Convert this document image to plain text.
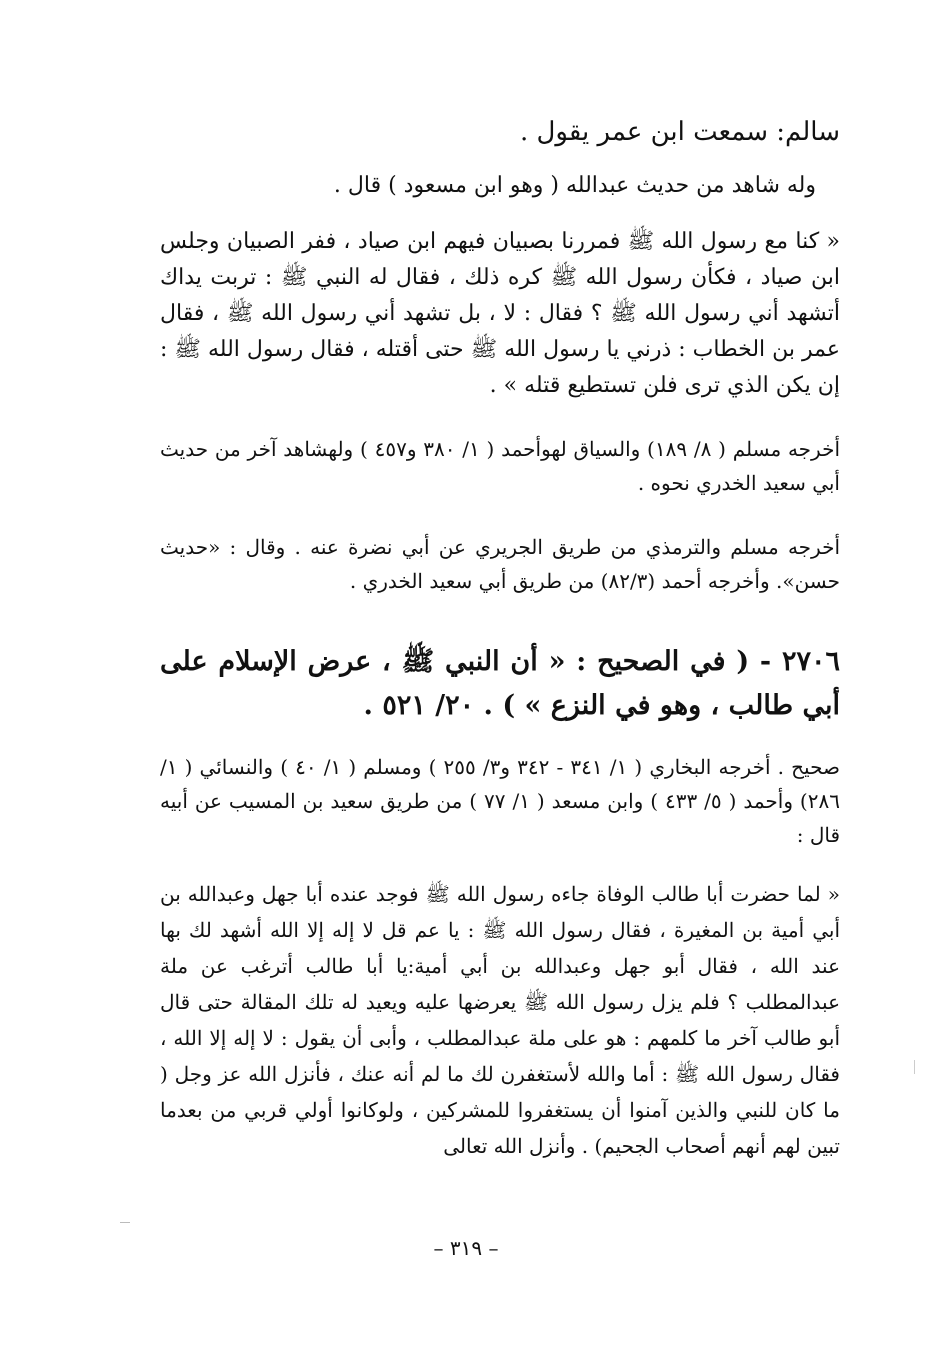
سالم: سمعت ابن عمر يقول .

وله شاهد من حديث عبدالله ( وهو ابن مسعود ) قال .

« كنا مع رسول الله ﷺ فمررنا بصبيان فيهم ابن صياد ، ففر الصبيان وجلس ابن صياد ، فكأن رسول الله ﷺ كره ذلك ، فقال له النبي ﷺ : تربت يداك أتشهد أني رسول الله ﷺ ؟ فقال : لا ، بل تشهد أني رسول الله ﷺ ، فقال عمر بن الخطاب : ذرني يا رسول الله ﷺ حتى أقتله ، فقال رسول الله ﷺ : إن يكن الذي ترى فلن تستطيع قتله » .

أخرجه مسلم ( ٨/ ١٨٩) والسياق لهوأحمد ( ١/ ٣٨٠ و٤٥٧ ) ولهشاهد آخر من حديث أبي سعيد الخدري نحوه .

أخرجه مسلم والترمذي من طريق الجريري عن أبي نضرة عنه . وقال : «حديث حسن». وأخرجه أحمد (٨٢/٣) من طريق أبي سعيد الخدري .

٢٧٠٦ - ( في الصحيح : « أن النبي ﷺ ، عرض الإسلام على أبي طالب ، وهو في النزع » ) . ٢٠/ ٥٢١ .

صحيح . أخرجه البخاري ( ١/ ٣٤١ - ٣٤٢ و٣/ ٢٥٥ ) ومسلم ( ١/ ٤٠ ) والنسائي ( ١/ ٢٨٦) وأحمد ( ٥/ ٤٣٣ ) وابن مسعد ( ١/ ٧٧ ) من طريق سعيد بن المسيب عن أبيه قال :

« لما حضرت أبا طالب الوفاة جاءه رسول الله ﷺ فوجد عنده أبا جهل وعبدالله بن أبي أمية بن المغيرة ، فقال رسول الله ﷺ : يا عم قل لا إله إلا الله أشهد لك بها عند الله ، فقال أبو جهل وعبدالله بن أبي أمية:يا أبا طالب أترغب عن ملة عبدالمطلب ؟ فلم يزل رسول الله ﷺ يعرضها عليه ويعيد له تلك المقالة حتى قال أبو طالب آخر ما كلمهم : هو على ملة عبدالمطلب ، وأبى أن يقول : لا إله إلا الله ، فقال رسول الله ﷺ : أما والله لأستغفرن لك ما لم أنه عنك ، فأنزل الله عز وجل ( ما كان للنبي والذين آمنوا أن يستغفروا للمشركين ، ولوكانوا أولي قربي من بعدما تبين لهم أنهم أصحاب الجحيم) . وأنزل الله تعالى

– ٣١٩ –
